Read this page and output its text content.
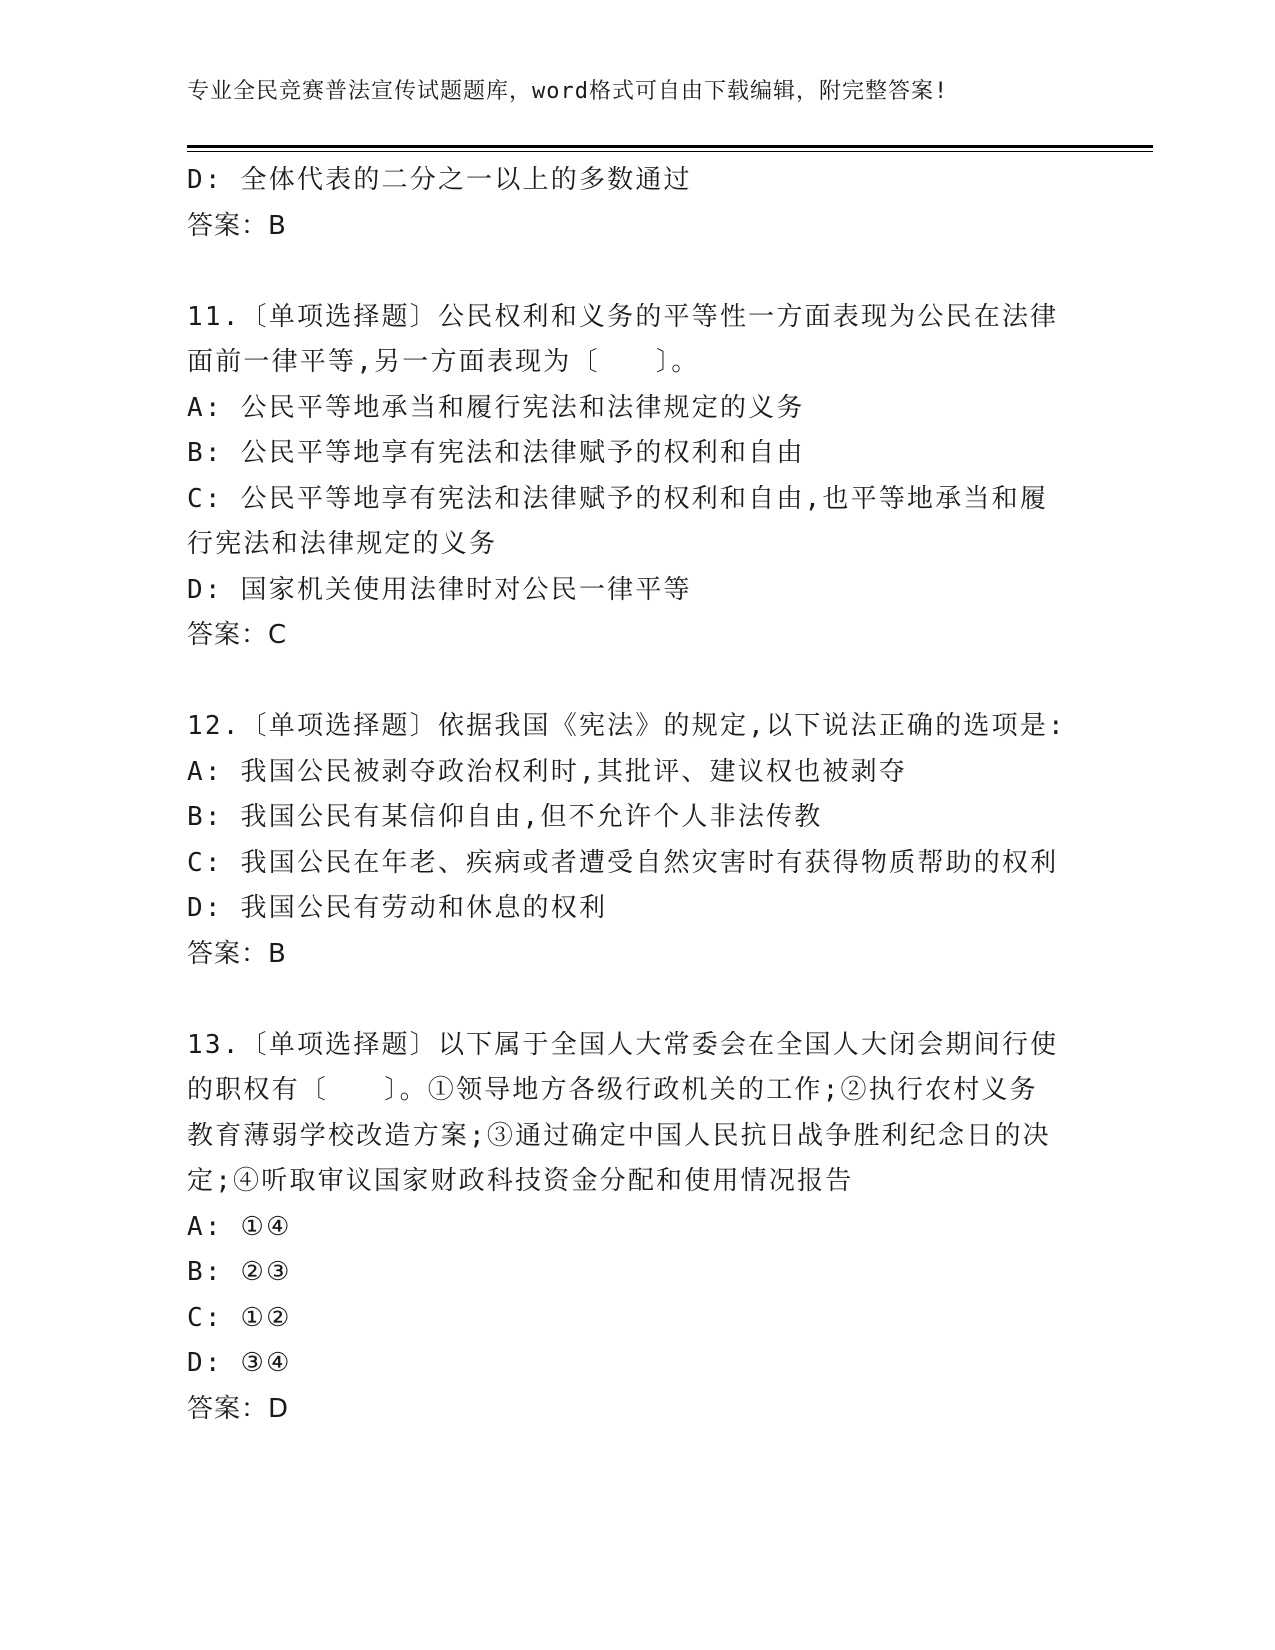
专业全民竞赛普法宣传试题题库，word格式可自由下载编辑，附完整答案!
D: 全体代表的二分之一以上的多数通过
答案：B
11.〔单项选择题〕公民权利和义务的平等性一方面表现为公民在法律
面前一律平等,另一方面表现为〔　　〕。
A: 公民平等地承当和履行宪法和法律规定的义务
B: 公民平等地享有宪法和法律赋予的权利和自由
C: 公民平等地享有宪法和法律赋予的权利和自由,也平等地承当和履
行宪法和法律规定的义务
D: 国家机关使用法律时对公民一律平等
答案：C
12.〔单项选择题〕依据我国《宪法》的规定,以下说法正确的选项是:
A: 我国公民被剥夺政治权利时,其批评、建议权也被剥夺
B: 我国公民有某信仰自由,但不允许个人非法传教
C: 我国公民在年老、疾病或者遭受自然灾害时有获得物质帮助的权利
D: 我国公民有劳动和休息的权利
答案：B
13.〔单项选择题〕以下属于全国人大常委会在全国人大闭会期间行使
的职权有〔　　〕。①领导地方各级行政机关的工作;②执行农村义务
教育薄弱学校改造方案;③通过确定中国人民抗日战争胜利纪念日的决
定;④听取审议国家财政科技资金分配和使用情况报告
A: ①④
B: ②③
C: ①②
D: ③④
答案：D
